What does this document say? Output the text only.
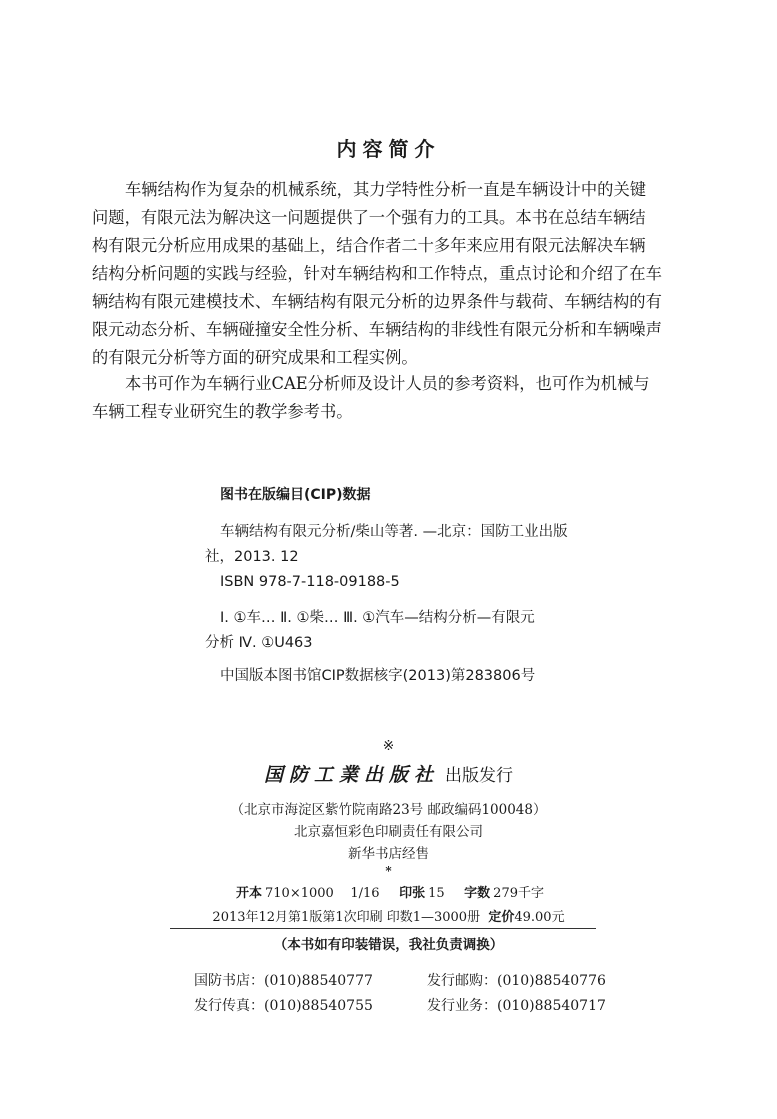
内容简介
车辆结构作为复杂的机械系统，其力学特性分析一直是车辆设计中的关键
问题，有限元法为解决这一问题提供了一个强有力的工具。本书在总结车辆结
构有限元分析应用成果的基础上，结合作者二十多年来应用有限元法解决车辆
结构分析问题的实践与经验，针对车辆结构和工作特点，重点讨论和介绍了在车
辆结构有限元建模技术、车辆结构有限元分析的边界条件与载荷、车辆结构的有
限元动态分析、车辆碰撞安全性分析、车辆结构的非线性有限元分析和车辆噪声
的有限元分析等方面的研究成果和工程实例。
本书可作为车辆行业CAE分析师及设计人员的参考资料，也可作为机械与
车辆工程专业研究生的教学参考书。
图书在版编目(CIP)数据
车辆结构有限元分析/柴山等著. —北京：国防工业出版
社，2013. 12
ISBN 978-7-118-09188-5
Ⅰ. ①车… Ⅱ. ①柴… Ⅲ. ①汽车—结构分析—有限元
分析 Ⅳ. ①U463
中国版本图书馆CIP数据核字(2013)第283806号
※
国防工業出版社 出版发行
（北京市海淀区紫竹院南路23号 邮政编码100048）
北京嘉恒彩色印刷责任有限公司
新华书店经售
*
开本 710×1000 1/16 印张 15 字数 279千字
2013年12月第1版第1次印刷 印数1—3000册 定价49.00元
（本书如有印装错误，我社负责调换）
国防书店：(010)88540777	发行邮购：(010)88540776
发行传真：(010)88540755	发行业务：(010)88540717
